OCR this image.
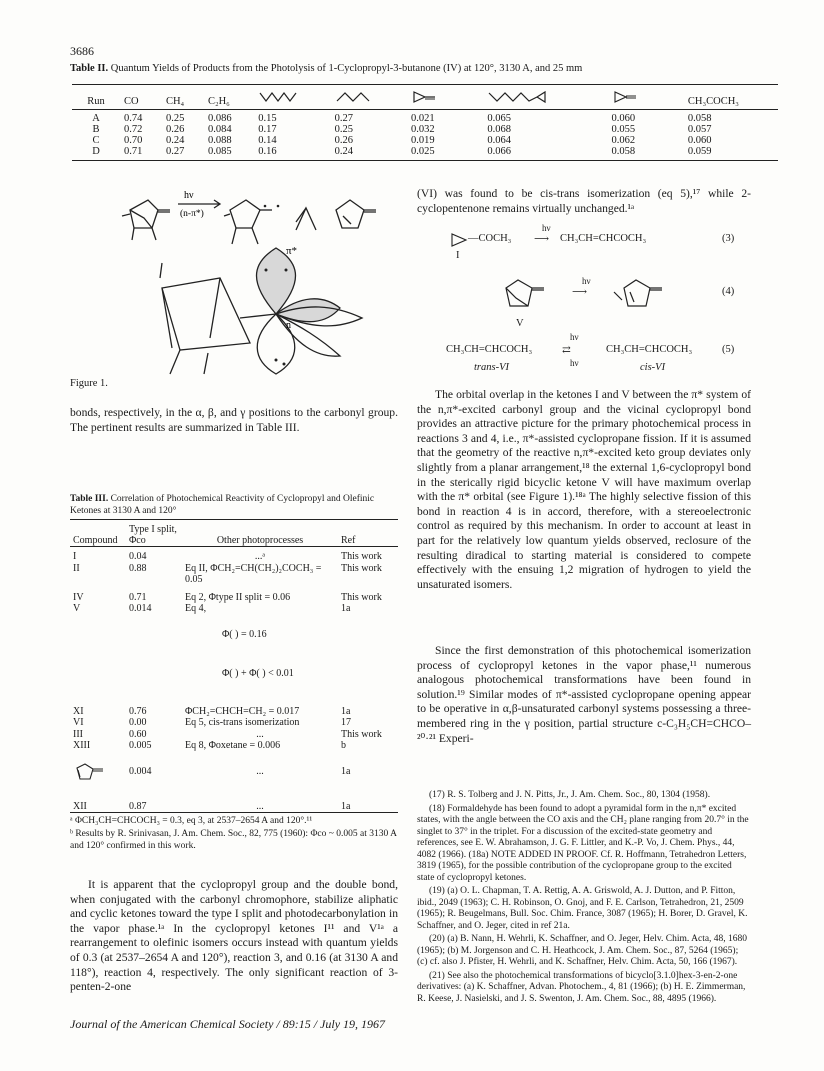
3686
Table II. Quantum Yields of Products from the Photolysis of 1-Cyclopropyl-3-butanone (IV) at 120°, 3130 A, and 25 mm
Run	CO	CH₄	C₂H₆						CH₃COCH₃
A	0.74	0.25	0.086	0.15	0.27	0.021	0.065	0.060	0.058
B	0.72	0.26	0.084	0.17	0.25	0.032	0.068	0.055	0.057
C	0.70	0.24	0.088	0.14	0.26	0.019	0.064	0.062	0.060
D	0.71	0.27	0.085	0.16	0.24	0.025	0.066	0.058	0.059
hν
(n-π*)
π*
n
Figure 1.
bonds, respectively, in the α, β, and γ positions to the carbonyl group. The pertinent results are summarized in Table III.
Table III. Correlation of Photochemical Reactivity of Cyclopropyl and Olefinic Ketones at 3130 A and 120°
Compound	Type I split, Φco	Other photoprocesses	Ref
I	0.04	...ᵃ	This work
II	0.88	Eq II, ΦCH₂=CH(CH₂)₂COCH₃ = 0.05	This work
IV	0.71	Eq 2, Φtype II split = 0.06	This work
V	0.014	Eq 4,	1a
		Φ( ) = 0.16	
		Φ( ) + Φ( ) < 0.01	
XI	0.76	ΦCH₂=CHCH=CH₂ = 0.017	1a
VI	0.00	Eq 5, cis-trans isomerization	17
III	0.60	...	This work
XIII	0.005	Eq 8, Φoxetane = 0.006	b
	0.004	...	1a
XII	0.87	...	1a
ᵃ ΦCH₃CH=CHCOCH₃ = 0.3, eq 3, at 2537–2654 A and 120°.¹¹
ᵇ Results by R. Srinivasan, J. Am. Chem. Soc., 82, 775 (1960): Φco ~ 0.005 at 3130 A and 120° confirmed in this work.
It is apparent that the cyclopropyl group and the double bond, when conjugated with the carbonyl chromophore, stabilize aliphatic and cyclic ketones toward the type I split and photodecarbonylation in the vapor phase.¹ᵃ In the cyclopropyl ketones I¹¹ and V¹ᵃ a rearrangement to olefinic isomers occurs instead with quantum yields of 0.3 (at 2537–2654 A and 120°), reaction 3, and 0.16 (at 3130 A and 118°), reaction 4, respectively. The only significant reaction of 3-penten-2-one
(VI) was found to be cis-trans isomerization (eq 5),¹⁷ while 2-cyclopentenone remains virtually unchanged.¹ᵃ
—COCH₃
hν
⟶ CH₃CH=CHCOCH₃	(3)
I
hν
⟶	(4)
V
CH₃CH=CHCOCH₃
hν
⇄
hν
CH₃CH=CHCOCH₃	(5)
trans-VI	cis-VI
The orbital overlap in the ketones I and V between the π* system of the n,π*-excited carbonyl group and the vicinal cyclopropyl bond provides an attractive picture for the primary photochemical process in reactions 3 and 4, i.e., π*-assisted cyclopropane fission. If it is assumed that the geometry of the reactive n,π*-excited keto group deviates only slightly from a planar arrangement,¹⁸ the external 1,6-cyclopropyl bond in the sterically rigid bicyclic ketone V will have maximum overlap with the π* orbital (see Figure 1).¹⁸ᵃ The highly selective fission of this bond in reaction 4 is in accord, therefore, with a stereoelectronic control as required by this mechanism. In order to account at least in part for the relatively low quantum yields observed, reclosure of the resulting diradical to starting material is considered to compete effectively with the ensuing 1,2 migration of hydrogen to yield the unsaturated isomers.
Since the first demonstration of this photochemical isomerization process of cyclopropyl ketones in the vapor phase,¹¹ numerous analogous photochemical transformations have been found in solution.¹⁹ Similar modes of π*-assisted cyclopropane opening appear to be operative in α,β-unsaturated carbonyl systems possessing a three-membered ring in the γ position, partial structure c-C₃H₅CH=CHCO–²⁰·²¹ Experi-
(17) R. S. Tolberg and J. N. Pitts, Jr., J. Am. Chem. Soc., 80, 1304 (1958).
(18) Formaldehyde has been found to adopt a pyramidal form in the n,π* excited states, with the angle between the CO axis and the CH₂ plane ranging from 20.7° in the singlet to 37° in the triplet. For a discussion of the excited-state geometry and references, see E. W. Abrahamson, J. G. F. Littler, and K.-P. Vo, J. Chem. Phys., 44, 4082 (1966). (18a) NOTE ADDED IN PROOF. Cf. R. Hoffmann, Tetrahedron Letters, 3819 (1965), for the possible contribution of the cyclopropane group to the excited state of cyclopropyl ketones.
(19) (a) O. L. Chapman, T. A. Rettig, A. A. Griswold, A. J. Dutton, and P. Fitton, ibid., 2049 (1963); C. H. Robinson, O. Gnoj, and F. E. Carlson, Tetrahedron, 21, 2509 (1965); R. Beugelmans, Bull. Soc. Chim. France, 3087 (1965); H. Borer, D. Gravel, K. Schaffner, and O. Jeger, cited in ref 21a.
(20) (a) B. Nann, H. Wehrli, K. Schaffner, and O. Jeger, Helv. Chim. Acta, 48, 1680 (1965); (b) M. Jorgenson and C. H. Heathcock, J. Am. Chem. Soc., 87, 5264 (1965); (c) cf. also J. Pfister, H. Wehrli, and K. Schaffner, Helv. Chim. Acta, 50, 166 (1967).
(21) See also the photochemical transformations of bicyclo[3.1.0]hex-3-en-2-one derivatives: (a) K. Schaffner, Advan. Photochem., 4, 81 (1966); (b) H. E. Zimmerman, R. Keese, J. Nasielski, and J. S. Swenton, J. Am. Chem. Soc., 88, 4895 (1966).
Journal of the American Chemical Society / 89:15 / July 19, 1967
